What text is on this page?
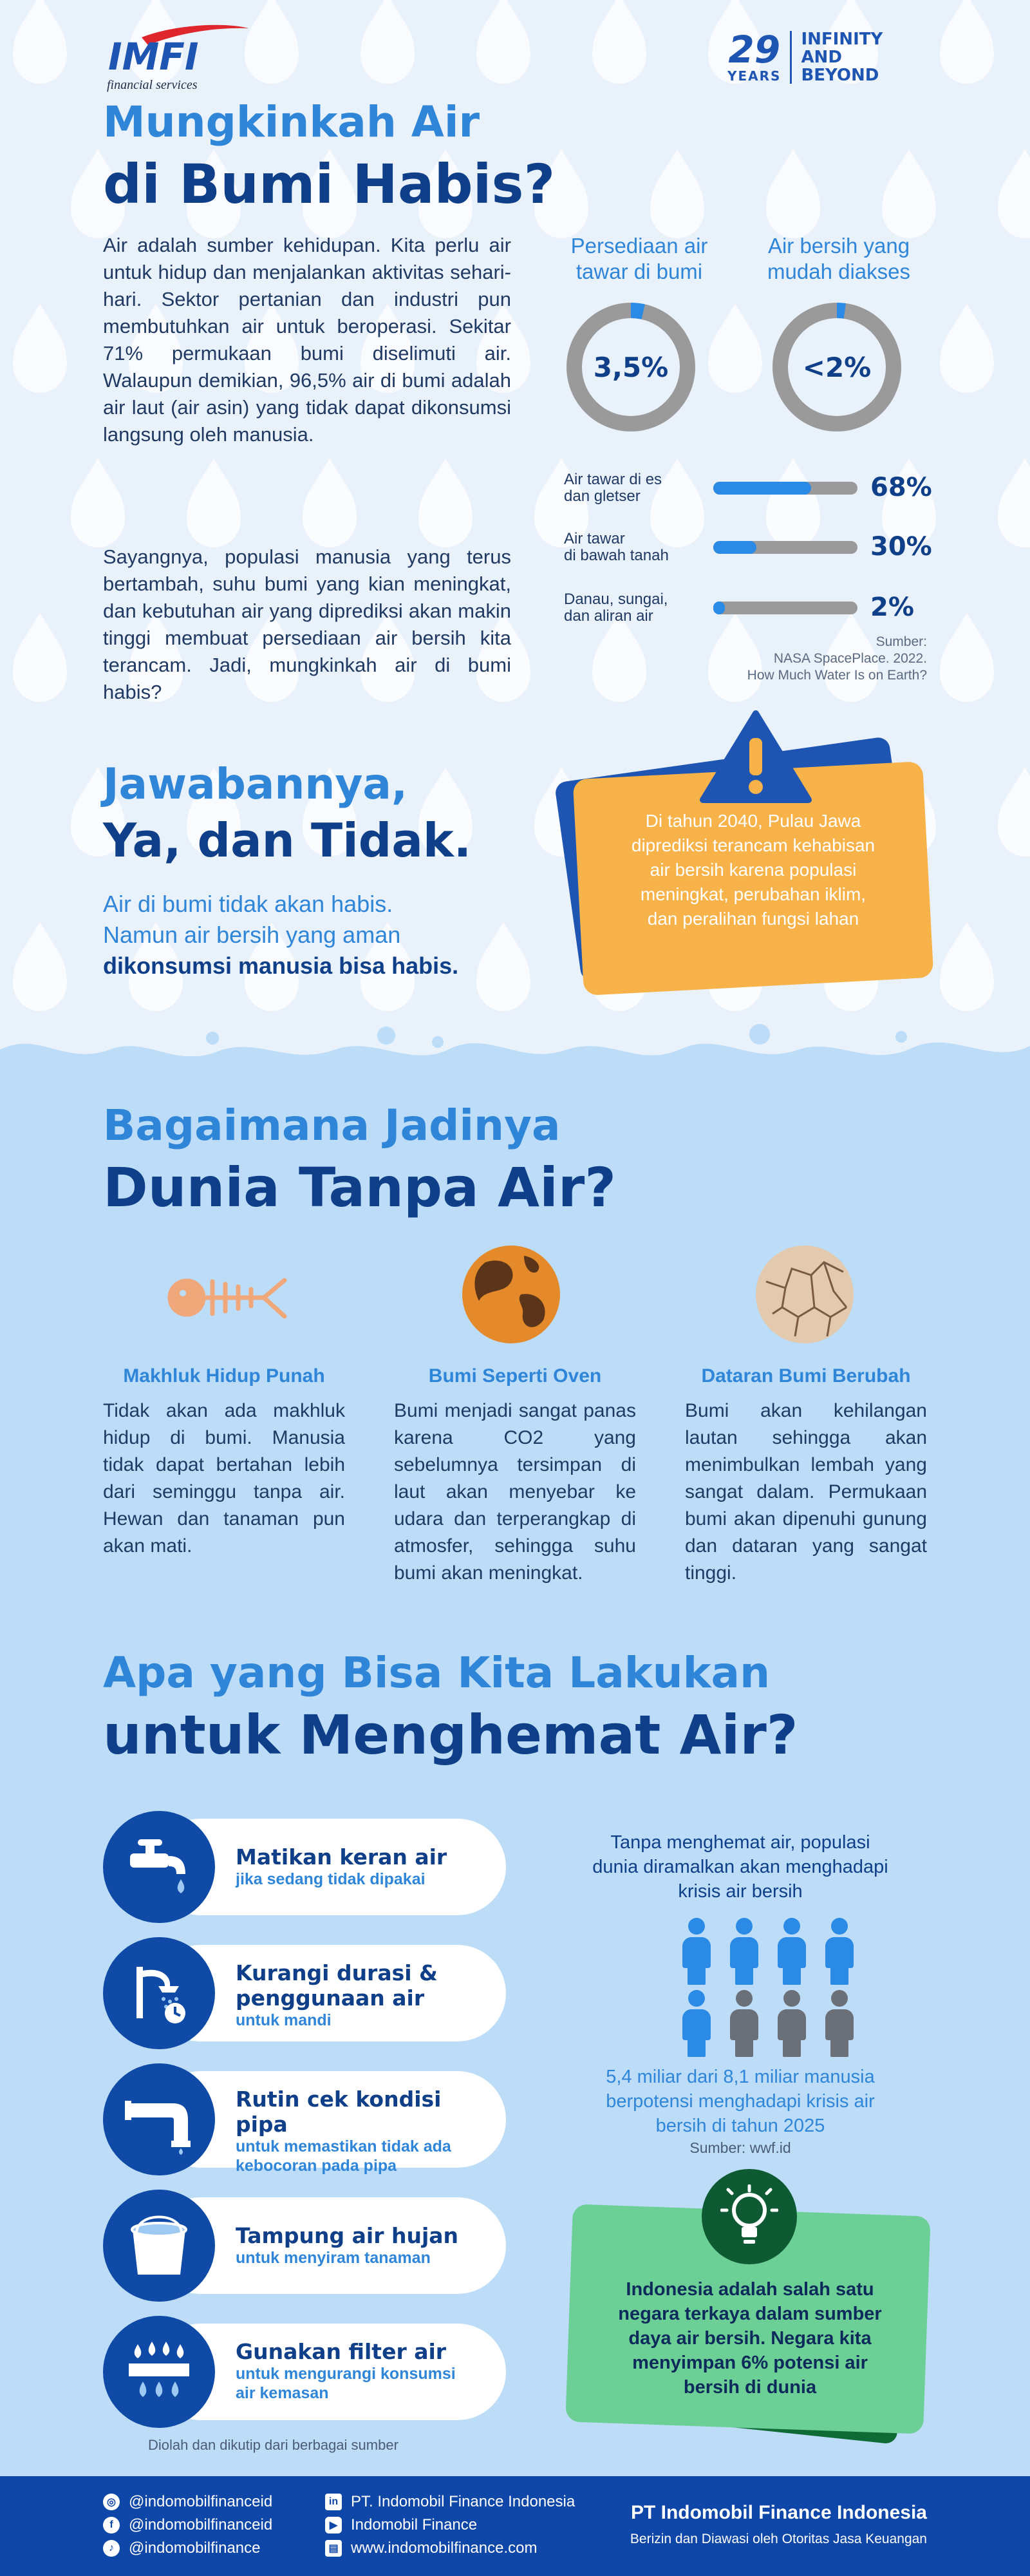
IMFI
financial services
29
YEARS
INFINITY
AND
BEYOND
Mungkinkah Air
di Bumi Habis?
Air adalah sumber kehidupan. Kita perlu air untuk hidup dan menjalankan aktivitas sehari-hari. Sektor pertanian dan industri pun membutuhkan air untuk beroperasi. Sekitar 71% permukaan bumi diselimuti air. Walaupun demikian, 96,5% air di bumi adalah air laut (air asin) yang tidak dapat dikonsumsi langsung oleh manusia.
Sayangnya, populasi manusia yang terus bertambah, suhu bumi yang kian meningkat, dan kebutuhan air yang diprediksi akan makin tinggi membuat persediaan air bersih kita terancam. Jadi, mungkinkah air di bumi habis?
Jawabannya,
Ya, dan Tidak.
Air di bumi tidak akan habis.
Namun air bersih yang aman
dikonsumsi manusia bisa habis.
Persediaan air
tawar di bumi
Air bersih yang
mudah diakses
3,5%	<2%
Air tawar di es
dan gletser	68%
Air tawar
di bawah tanah	30%
Danau, sungai,
dan aliran air	2%
Sumber:
NASA SpacePlace. 2022.
How Much Water Is on Earth?
Di tahun 2040, Pulau Jawa
diprediksi terancam kehabisan
air bersih karena populasi
meningkat, perubahan iklim,
dan peralihan fungsi lahan
Bagaimana Jadinya
Dunia Tanpa Air?
Makhluk Hidup Punah
Tidak akan ada makhluk hidup di bumi. Manusia tidak dapat bertahan lebih dari seminggu tanpa air. Hewan dan tanaman pun akan mati.
Bumi Seperti Oven
Bumi menjadi sangat panas karena CO2 yang sebelumnya tersimpan di laut akan menyebar ke udara dan terperangkap di atmosfer, sehingga suhu bumi akan meningkat.
Dataran Bumi Berubah
Bumi akan kehilangan lautan sehingga akan menimbulkan lembah yang sangat dalam. Permukaan bumi akan dipenuhi gunung dan dataran yang sangat tinggi.
Apa yang Bisa Kita Lakukan
untuk Menghemat Air?
Matikan keran air
jika sedang tidak dipakai
Kurangi durasi &
penggunaan air
untuk mandi
Rutin cek kondisi pipa
untuk memastikan tidak ada
kebocoran pada pipa
Tampung air hujan
untuk menyiram tanaman
Gunakan filter air
untuk mengurangi konsumsi
air kemasan
Diolah dan dikutip dari berbagai sumber
Tanpa menghemat air, populasi
dunia diramalkan akan menghadapi
krisis air bersih
5,4 miliar dari 8,1 miliar manusia
berpotensi menghadapi krisis air
bersih di tahun 2025
Sumber: wwf.id
Indonesia adalah salah satu
negara terkaya dalam sumber
daya air bersih. Negara kita
menyimpan 6% potensi air
bersih di dunia
◎ @indomobilfinanceid
f	@indomobilfinanceid
♪ @indomobilfinance
in PT. Indomobil Finance Indonesia
▶ Indomobil Finance
▤ www.indomobilfinance.com
PT Indomobil Finance Indonesia
Berizin dan Diawasi oleh Otoritas Jasa Keuangan
